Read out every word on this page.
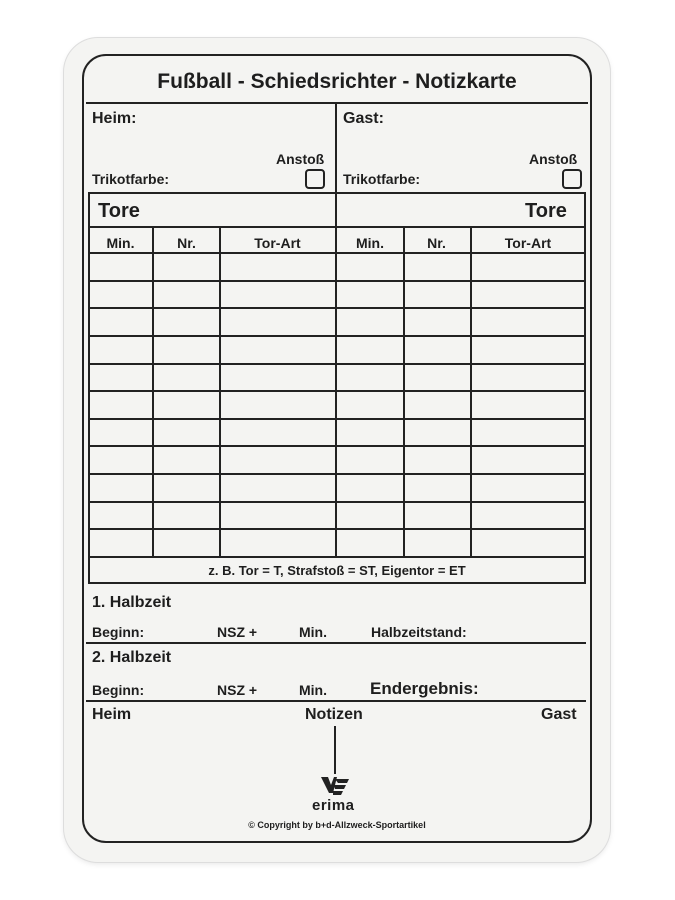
Fußball - Schiedsrichter - Notizkarte
Heim:	Gast:
Anstoß	Anstoß
Trikotfarbe:	Trikotfarbe:
Tore	Tore
Min.	Nr.	Tor-Art	Min.	Nr.	Tor-Art
z. B. Tor = T, Strafstoß = ST, Eigentor = ET
1. Halbzeit
Beginn:	NSZ +	Min.	Halbzeitstand:
2. Halbzeit
Beginn:	NSZ +	Min.	Endergebnis:
Heim	Notizen	Gast
erima
© Copyright by b+d-Allzweck-Sportartikel
